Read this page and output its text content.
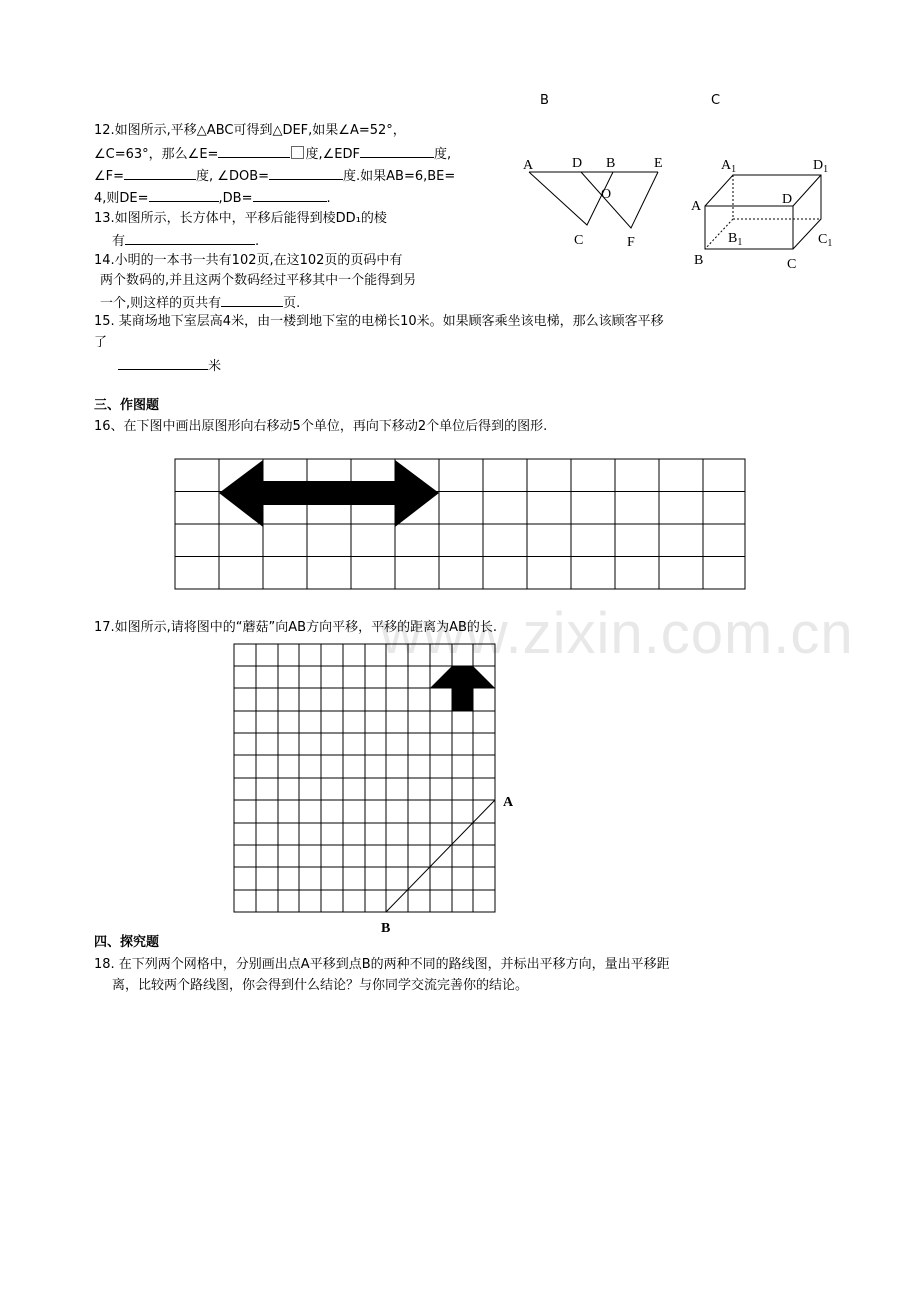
www.zixin.com.cn
B	C
12.如图所示,平移△ABC可得到△DEF,如果∠A=52°，
∠C=63°，那么∠E=	度,∠EDF	度,
∠F=	度, ∠DOB=	度.如果AB=6,BE=
4,则DE=	,DB=	.
13.如图所示，长方体中，平移后能得到棱DD₁的棱
有	.
14.小明的一本书一共有102页,在这102页的页码中有
两个数码的,并且这两个数码经过平移其中一个能得到另
一个,则这样的页共有	页.
15. 某商场地下室层高4米，由一楼到地下室的电梯长10米。如果顾客乘坐该电梯，那么该顾客平移
了
米
三、作图题
16、在下图中画出原图形向右移动5个单位，再向下移动2个单位后得到的图形.
17.如图所示,请将图中的“蘑菇”向AB方向平移，平移的距离为AB的长.
A
B
四、探究题
18. 在下列两个网格中，分别画出点A平移到点B的两种不同的路线图，并标出平移方向，量出平移距
离，比较两个路线图，你会得到什么结论？与你同学交流完善你的结论。
A	D B	E
O
C	F
$A_1$	$D_1$
D
A
$B_1$	$C_1$
B	C
